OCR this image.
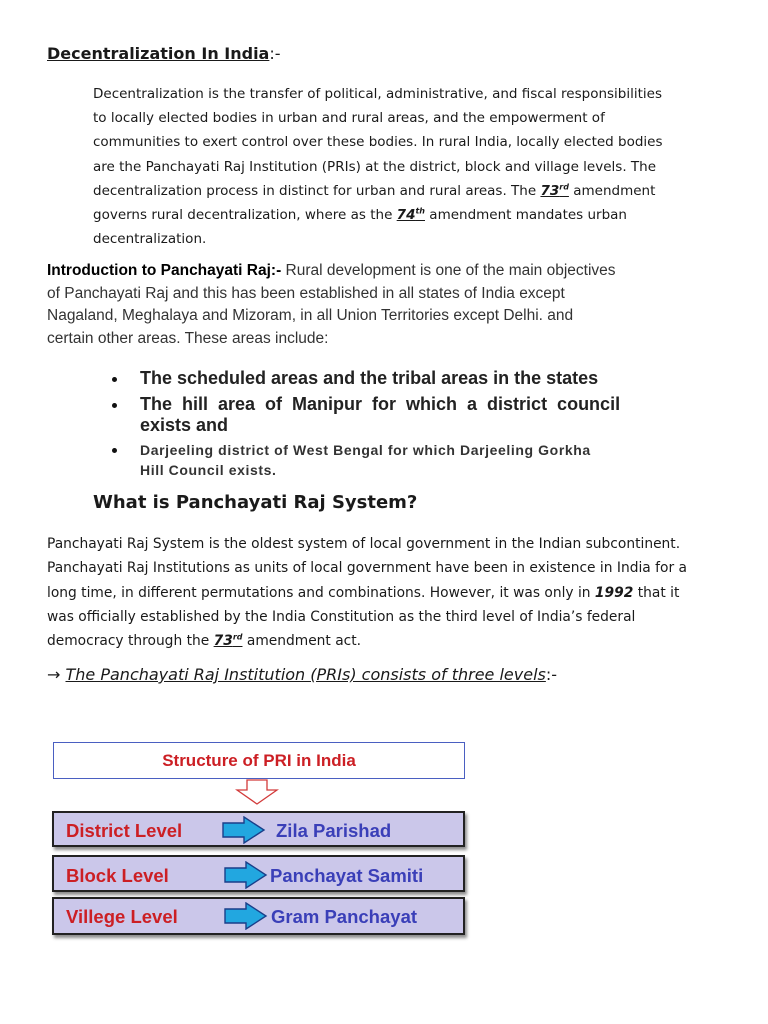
Decentralization In India:-
Decentralization is the transfer of political, administrative, and fiscal responsibilities
to locally elected bodies in urban and rural areas, and the empowerment of
communities to exert control over these bodies. In rural India, locally elected bodies
are the Panchayati Raj Institution (PRIs) at the district, block and village levels. The
decentralization process in distinct for urban and rural areas. The 73rd amendment
governs rural decentralization, where as the 74th amendment mandates urban
decentralization.
Introduction to Panchayati Raj:- Rural development is one of the main objectives
of Panchayati Raj and this has been established in all states of India except
Nagaland, Meghalaya and Mizoram, in all Union Territories except Delhi. and
certain other areas. These areas include:
The scheduled areas and the tribal areas in the states
The  hill  area  of  Manipur  for  which  a  district  council
exists and
Darjeeling district of West Bengal for which Darjeeling Gorkha
Hill Council exists.
What is Panchayati Raj System?
Panchayati Raj System is the oldest system of local government in the Indian subcontinent.
Panchayati Raj Institutions as units of local government have been in existence in India for a
long time, in different permutations and combinations. However, it was only in 1992 that it
was officially established by the India Constitution as the third level of India’s federal
democracy through the 73rd amendment act.
→ The Panchayati Raj Institution (PRIs) consists of three levels:-
Structure of PRI in India
District Level	Zila Parishad
Block Level	Panchayat Samiti
Villege Level	Gram Panchayat
